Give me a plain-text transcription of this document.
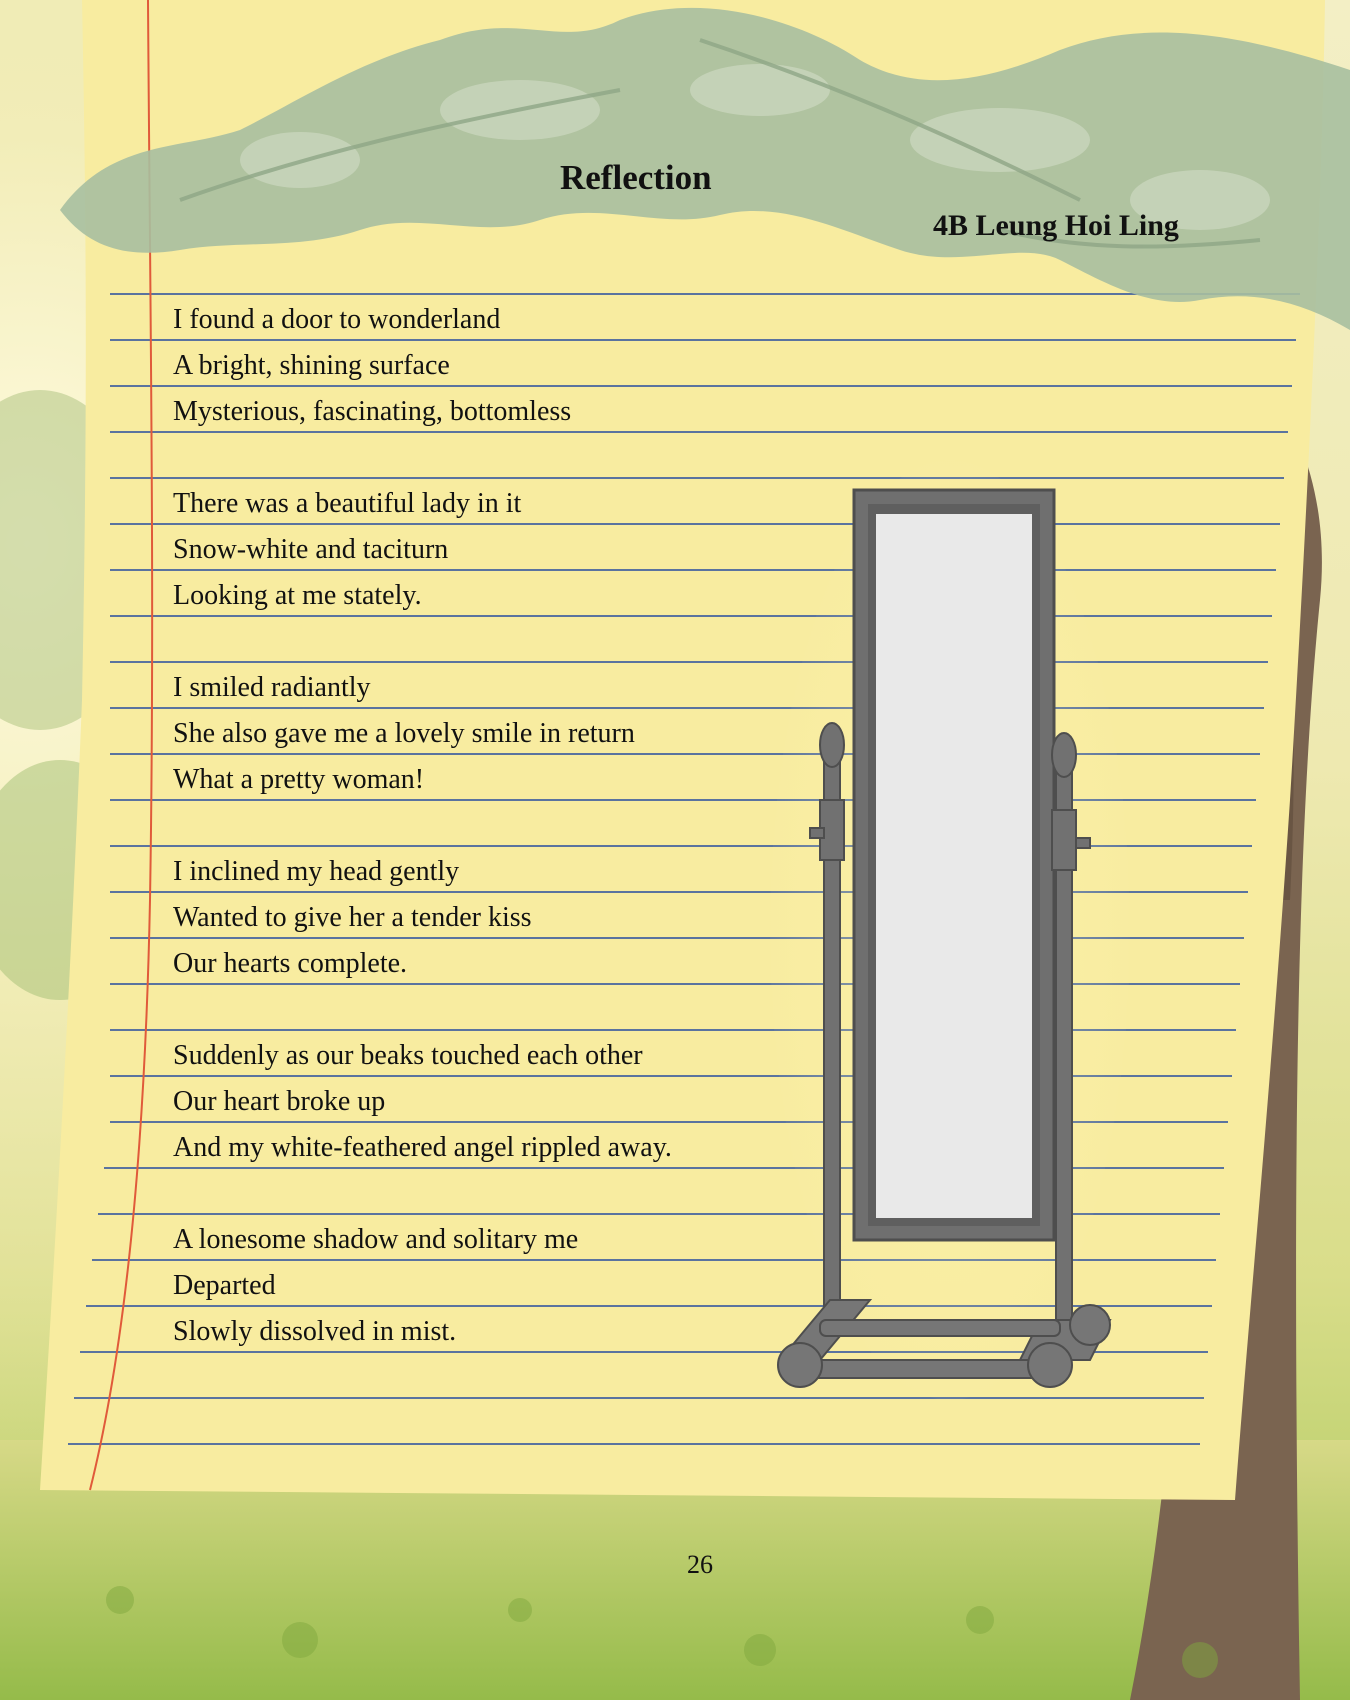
Reflection
4B Leung Hoi Ling
I found a door to wonderland
A bright, shining surface
Mysterious, fascinating, bottomless
There was a beautiful lady in it
Snow-white and taciturn
Looking at me stately.
I smiled radiantly
She also gave me a lovely smile in return
What a pretty woman!
I inclined my head gently
Wanted to give her a tender kiss
Our hearts complete.
Suddenly as our beaks touched each other
Our heart broke up
And my white-feathered angel rippled away.
A lonesome shadow and solitary me
Departed
Slowly dissolved in mist.
26
